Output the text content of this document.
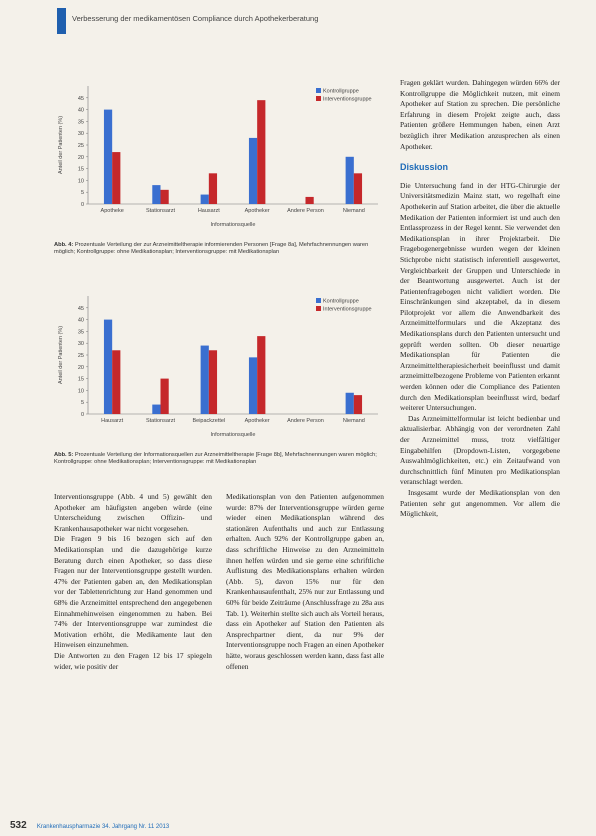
Verbesserung der medikamentösen Compliance durch Apothekerberatung
0
5
10
15
20
25
30
35
40
45
Apotheke	Stationsarzt	Hausarzt	Apotheker	Andere Person	Niemand
Informationsquelle
Anteil der Patienten (%)
Kontrollgruppe
Interventionsgruppe
Abb. 4: Prozentuale Verteilung der zur Arzneimitteltherapie informierenden Personen [Frage 8a], Mehrfachnennungen waren möglich; Kontrollgruppe: ohne Medikationsplan; Interventionsgruppe: mit Medikationsplan
0
5
10
15
20
25
30
35
40
45
Hausarzt	Stationsarzt	Beipackzettel	Apotheker	Andere Person	Niemand
Informationsquelle
Anteil der Patienten (%)
Kontrollgruppe
Interventionsgruppe
Abb. 5: Prozentuale Verteilung der Informationsquellen zur Arzneimitteltherapie [Frage 8b], Mehrfachnennungen waren möglich; Kontrollgruppe: ohne Medikationsplan; Interventionsgruppe: mit Medikationsplan

Fragen geklärt wurden. Dahingegen würden 66% der Kontrollgruppe die Möglichkeit nutzen, mit einem Apotheker auf Station zu sprechen. Die persönliche Erfahrung in diesem Projekt zeigte auch, dass Patienten größere Hemmungen haben, einen Arzt bezüglich ihrer Medikation anzusprechen als einen Apotheker.

Diskussion

Die Untersuchung fand in der HTG-Chirurgie der Universitätsmedizin Mainz statt, wo regelhaft eine Apothekerin auf Station arbeitet, die über die aktuelle Medikation der Patienten informiert ist und auch den Entlassprozess in der Regel kennt. Sie verwendet den Medikationsplan in ihrer Projektarbeit. Die Fragebogenergebnisse wurden wegen der kleinen Stichprobe nicht statistisch inferentiell ausgewertet, Vergleichbarkeit der Gruppen und Unterschiede in der Beantwortung ausgewertet. Auch ist der Patientenfragebogen nicht validiert worden. Die Einschränkungen sind akzeptabel, da in diesem Pilotprojekt vor allem die Anwendbarkeit des Arzneimittelformulars und die Akzeptanz des Medikationsplans durch den Patienten untersucht und geprüft werden sollten. Ob dieser neuartige Medikationsplan für Patienten die Arzneimitteltherapiesicherheit beeinflusst und damit arzneimittelbezogene Probleme von Patienten erkannt werden können oder die Compliance des Patienten durch den Medikationsplan beeinflusst wird, bedarf weiterer Untersuchungen.

Das Arzneimittelformular ist leicht bedienbar und aktualisierbar. Abhängig von der verordneten Zahl der Arzneimittel muss, trotz vielfältiger Eingabehilfen (Dropdown-Listen, vorgegebene Auswahlmöglichkeiten, etc.) ein Zeitaufwand von durchschnittlich fünf Minuten pro Medikationsplan veranschlagt werden.

Insgesamt wurde der Medikationsplan von den Patienten sehr gut angenommen. Vor allem die Möglichkeit,

Interventionsgruppe (Abb. 4 und 5) gewählt den Apotheker am häufigsten angeben würde (eine Unterscheidung zwischen Offizin- und Krankenhausapotheker war nicht vorgesehen.

Die Fragen 9 bis 16 bezogen sich auf den Medikationsplan und die dazugehörige kurze Beratung durch einen Apotheker, so dass diese Fragen nur der Interventionsgruppe gestellt wurden. 47% der Patienten gaben an, den Medikationsplan vor der Tablettenrichtung zur Hand genommen und 68% die Arzneimittel entsprechend den angegebenen Einnahmehinweisen eingenommen zu haben. Bei 74% der Interventionsgruppe war zumindest die Motivation erhöht, die Medikamente laut den Hinweisen einzunehmen.

Die Antworten zu den Fragen 12 bis 17 spiegeln wider, wie positiv der

Medikationsplan von den Patienten aufgenommen wurde: 87% der Interventionsgruppe würden gerne wieder einen Medikationsplan während des stationären Aufenthalts und auch zur Entlassung erhalten. Auch 92% der Kontrollgruppe gaben an, dass schriftliche Hinweise zu den Arzneimitteln ihnen helfen würden und sie gerne eine schriftliche Auflistung des Medikationsplans erhalten würden (Abb. 5), davon 15% nur für den Krankenhausaufenthalt, 25% nur zur Entlassung und 60% für beide Zeiträume (Anschlussfrage zu 28a aus Tab. 1). Weiterhin stellte sich auch als Vorteil heraus, dass ein Apotheker auf Station den Patienten als Ansprechpartner dient, da nur 9% der Interventionsgruppe noch Fragen an einen Apotheker hätte, woraus geschlossen werden kann, dass fast alle offenen

532 Krankenhauspharmazie 34. Jahrgang Nr. 11 2013
